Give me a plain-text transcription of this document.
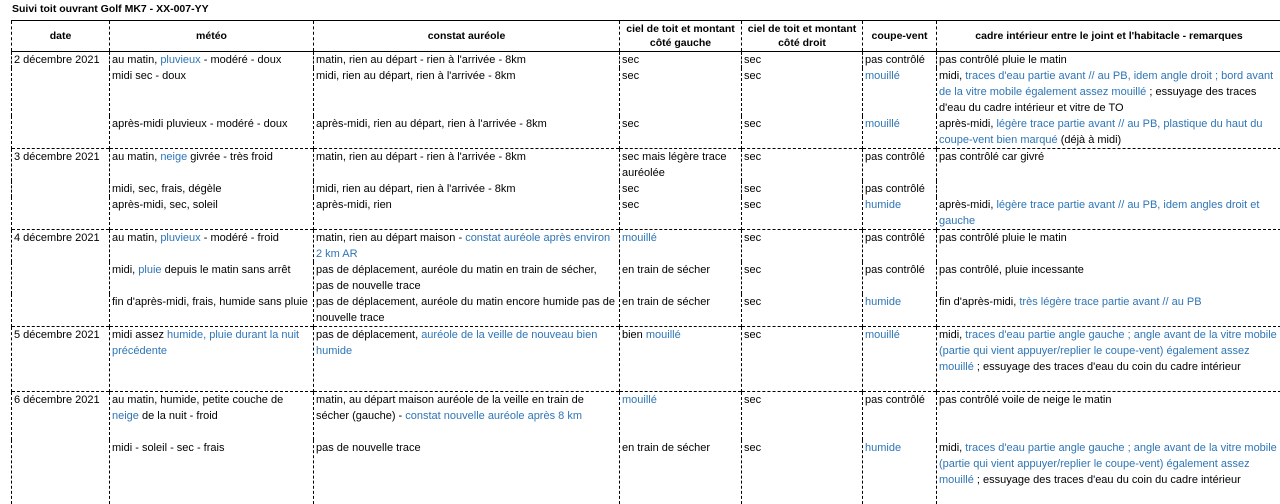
Suivi toit ouvrant Golf MK7 - XX-007-YY
date	météo	constat auréole	ciel de toit et montant côté gauche	ciel de toit et montant côté droit	coupe-vent	cadre intérieur entre le joint et l'habitacle - remarques
2 décembre 2021	au matin, pluvieux - modéré - doux	matin, rien au départ - rien à l'arrivée - 8km	sec	sec	pas contrôlé	pas contrôlé pluie le matin
	midi sec - doux	midi, rien au départ, rien à l'arrivée - 8km	sec	sec	mouillé	midi, traces d'eau partie avant // au PB, idem angle droit ; bord avant de la vitre mobile également assez mouillé ; essuyage des traces d'eau du cadre intérieur et vitre de TO
	après-midi pluvieux - modéré - doux	après-midi, rien au départ, rien à l'arrivée - 8km	sec	sec	mouillé	après-midi, légère trace partie avant // au PB, plastique du haut du coupe-vent bien marqué (déjà à midi)
3 décembre 2021	au matin, neige givrée - très froid	matin, rien au départ - rien à l'arrivée - 8km	sec mais légère trace auréolée	sec	pas contrôlé	pas contrôlé car givré
	midi, sec, frais, dégèle	midi, rien au départ, rien à l'arrivée - 8km	sec	sec	pas contrôlé	
	après-midi, sec, soleil	après-midi, rien	sec	sec	humide	après-midi, légère trace partie avant // au PB, idem angles droit et gauche
4 décembre 2021	au matin, pluvieux - modéré - froid	matin, rien au départ maison - constat auréole après environ 2 km AR	mouillé	sec	pas contrôlé	pas contrôlé pluie le matin
	midi, pluie depuis le matin sans arrêt	pas de déplacement, auréole du matin en train de sécher, pas de nouvelle trace	en train de sécher	sec	pas contrôlé	pas contrôlé, pluie incessante
	fin d'après-midi, frais, humide sans pluie	pas de déplacement, auréole du matin encore humide pas de nouvelle trace	en train de sécher	sec	humide	fin d'après-midi, très légère trace partie avant // au PB
5 décembre 2021	midi assez humide, pluie durant la nuit précédente	pas de déplacement, auréole de la veille de nouveau bien humide	bien mouillé	sec	mouillé	midi, traces d'eau partie angle gauche ; angle avant de la vitre mobile (partie qui vient appuyer/replier le coupe-vent) également assez mouillé ; essuyage des traces d'eau du coin du cadre intérieur
6 décembre 2021	au matin, humide, petite couche de neige de la nuit - froid	matin, au départ maison auréole de la veille en train de sécher (gauche) - constat nouvelle auréole après 8 km	mouillé	sec	pas contrôlé	pas contrôlé voile de neige le matin
	midi - soleil - sec - frais	pas de nouvelle trace	en train de sécher	sec	humide	midi, traces d'eau partie angle gauche ; angle avant de la vitre mobile (partie qui vient appuyer/replier le coupe-vent) également assez mouillé ; essuyage des traces d'eau du coin du cadre intérieur
